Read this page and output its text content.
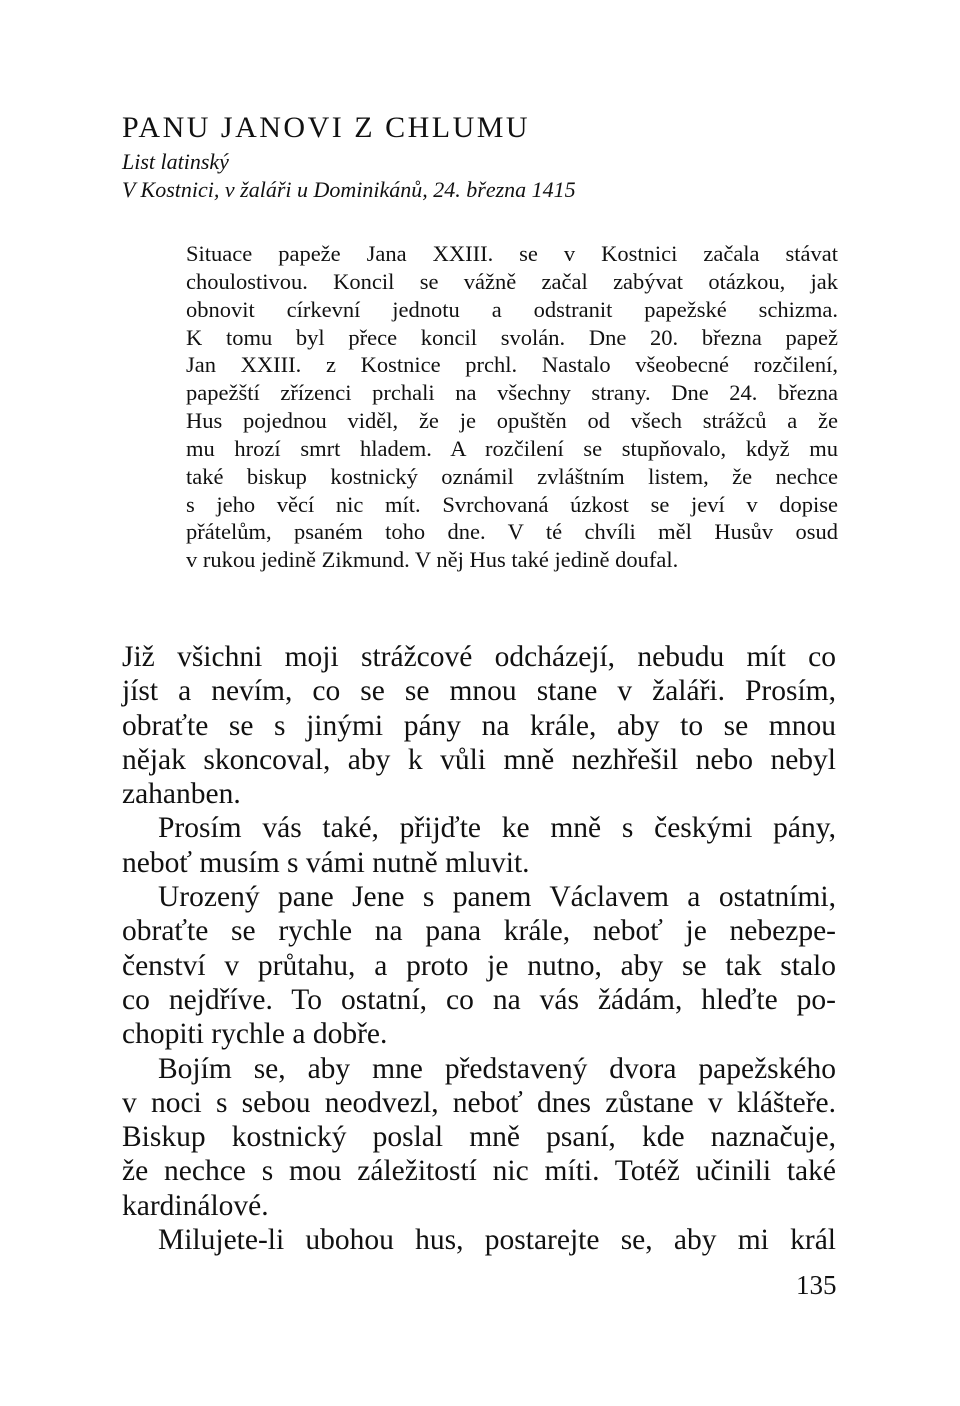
PANU JANOVI Z CHLUMU
List latinský
V Kostnici, v žaláři u Dominikánů, 24. března 1415
Situace papeže Jana XXIII. se v Kostnici začala stávat
choulostivou. Koncil se vážně začal zabývat otázkou, jak
obnovit církevní jednotu a odstranit papežské schizma.
K tomu byl přece koncil svolán. Dne 20. března papež
Jan XXIII. z Kostnice prchl. Nastalo všeobecné rozčilení,
papežští zřízenci prchali na všechny strany. Dne 24. března
Hus pojednou viděl, že je opuštěn od všech strážců a že
mu hrozí smrt hladem. A rozčilení se stupňovalo, když mu
také biskup kostnický oznámil zvláštním listem, že nechce
s jeho věcí nic mít. Svrchovaná úzkost se jeví v dopise
přátelům, psaném toho dne. V té chvíli měl Husův osud
v rukou jedině Zikmund. V něj Hus také jedině doufal.
Již všichni moji strážcové odcházejí, nebudu mít co
jíst a nevím, co se se mnou stane v žaláři. Prosím,
obraťte se s jinými pány na krále, aby to se mnou
nějak skoncoval, aby k vůli mně nezhřešil nebo nebyl
zahanben.
Prosím vás také, přijďte ke mně s českými pány,
neboť musím s vámi nutně mluvit.
Urozený pane Jene s panem Václavem a ostatními,
obraťte se rychle na pana krále, neboť je nebezpe-
čenství v průtahu, a proto je nutno, aby se tak stalo
co nejdříve. To ostatní, co na vás žádám, hleďte po-
chopiti rychle a dobře.
Bojím se, aby mne představený dvora papežského
v noci s sebou neodvezl, neboť dnes zůstane v klášteře.
Biskup kostnický poslal mně psaní, kde naznačuje,
že nechce s mou záležitostí nic míti. Totéž učinili také
kardinálové.
Milujete-li ubohou hus, postarejte se, aby mi král
135
